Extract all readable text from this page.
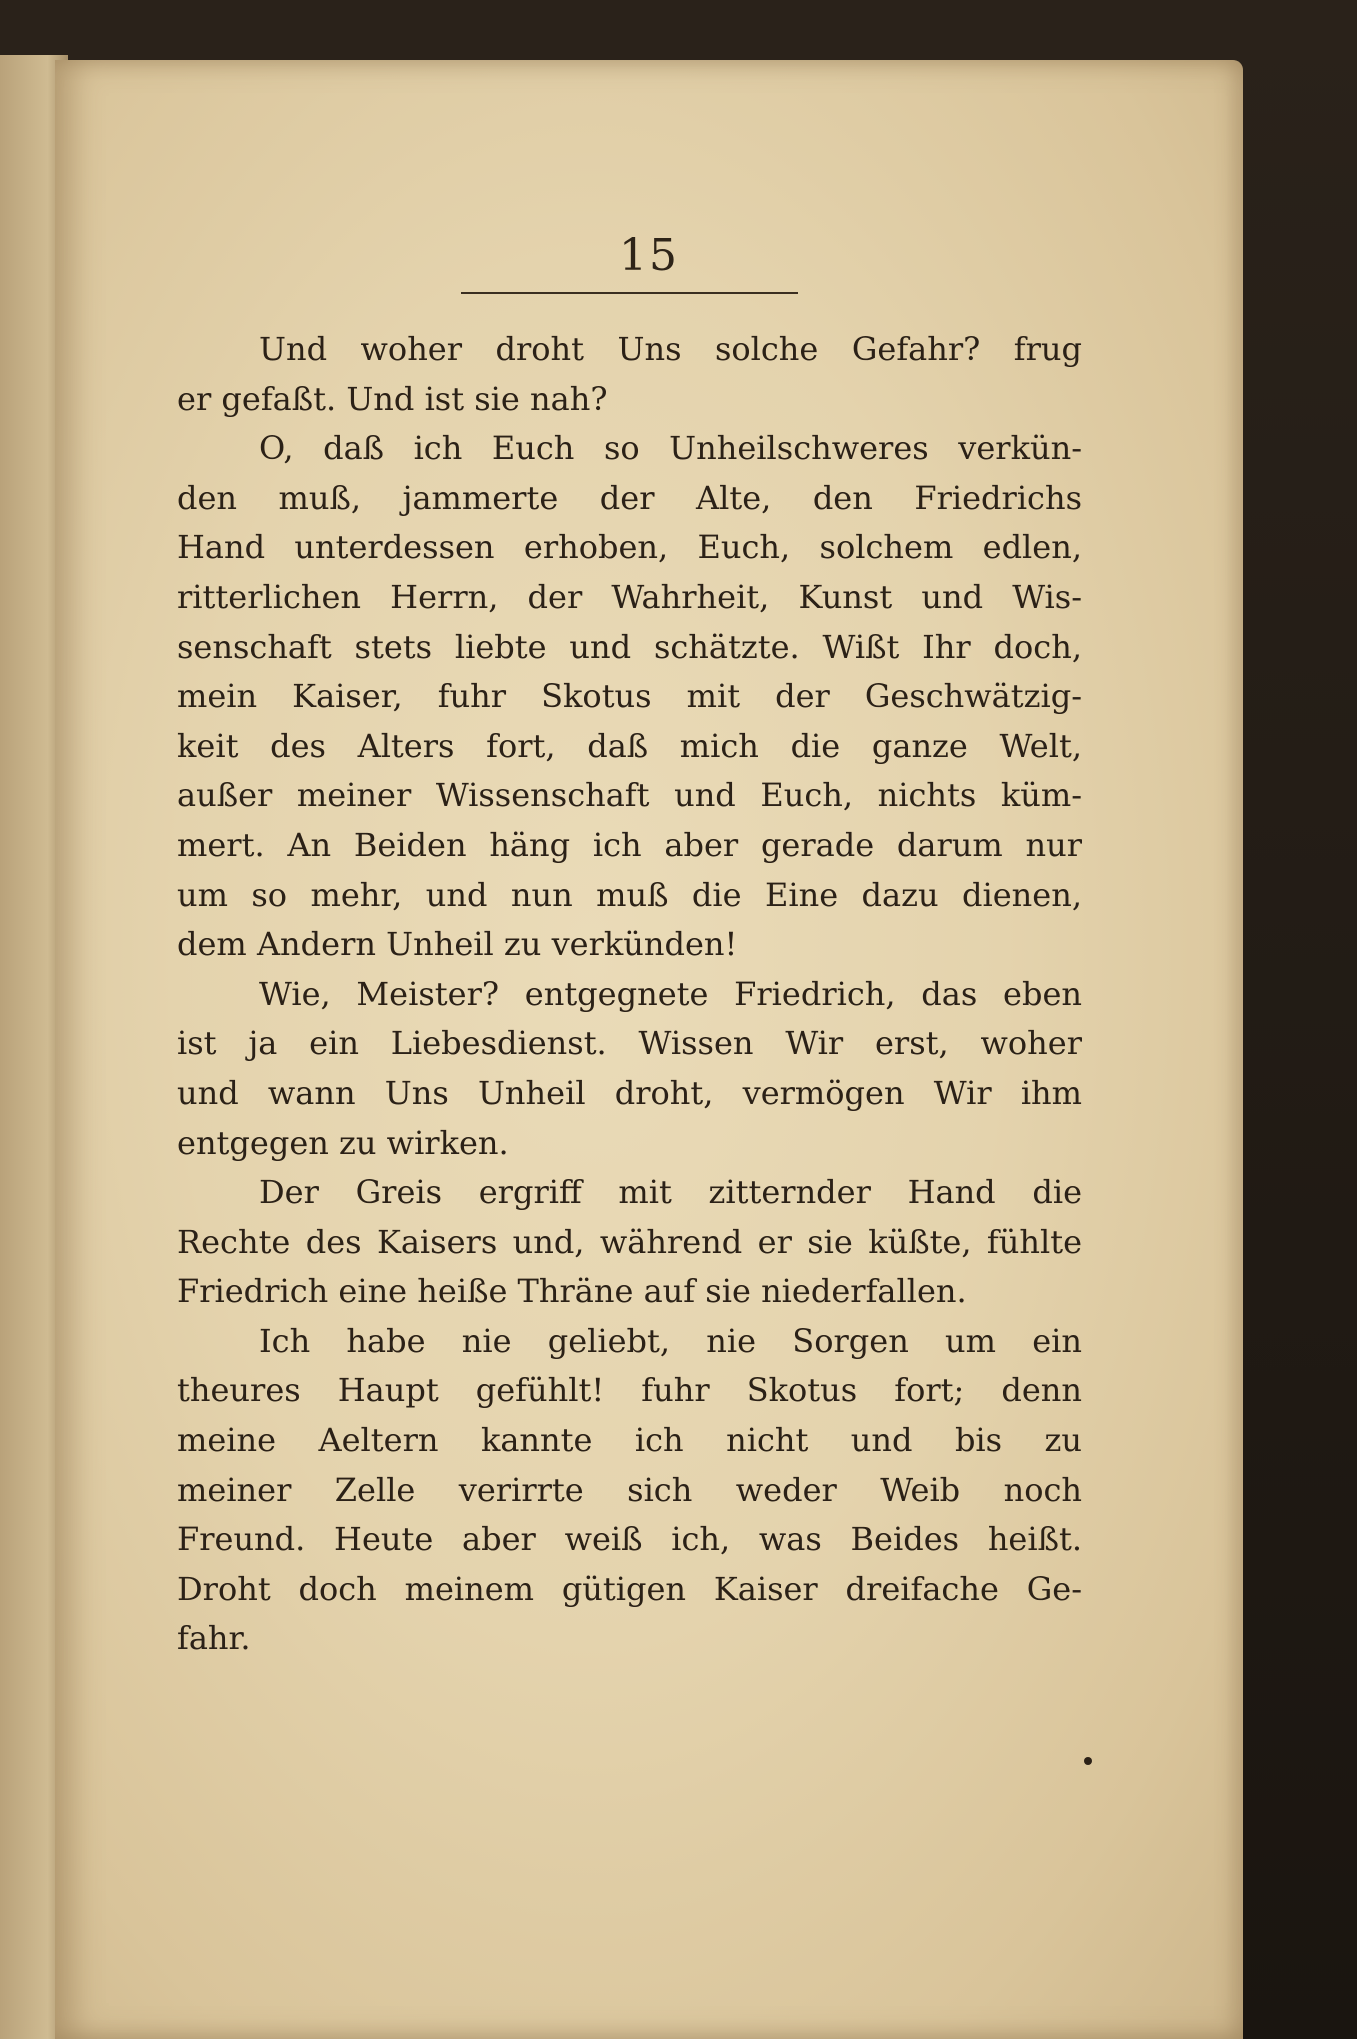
15
Und woher droht Uns solche Gefahr? frug
er gefaßt. Und ist sie nah?
O, daß ich Euch so Unheilschweres verkün-
den muß, jammerte der Alte, den Friedrichs
Hand unterdessen erhoben, Euch, solchem edlen,
ritterlichen Herrn, der Wahrheit, Kunst und Wis-
senschaft stets liebte und schätzte. Wißt Ihr doch,
mein Kaiser, fuhr Skotus mit der Geschwätzig-
keit des Alters fort, daß mich die ganze Welt,
außer meiner Wissenschaft und Euch, nichts küm-
mert. An Beiden häng ich aber gerade darum nur
um so mehr, und nun muß die Eine dazu dienen,
dem Andern Unheil zu verkünden!
Wie, Meister? entgegnete Friedrich, das eben
ist ja ein Liebesdienst. Wissen Wir erst, woher
und wann Uns Unheil droht, vermögen Wir ihm
entgegen zu wirken.
Der Greis ergriff mit zitternder Hand die
Rechte des Kaisers und, während er sie küßte, fühlte
Friedrich eine heiße Thräne auf sie niederfallen.
Ich habe nie geliebt, nie Sorgen um ein
theures Haupt gefühlt! fuhr Skotus fort; denn
meine Aeltern kannte ich nicht und bis zu
meiner Zelle verirrte sich weder Weib noch
Freund. Heute aber weiß ich, was Beides heißt.
Droht doch meinem gütigen Kaiser dreifache Ge-
fahr.
